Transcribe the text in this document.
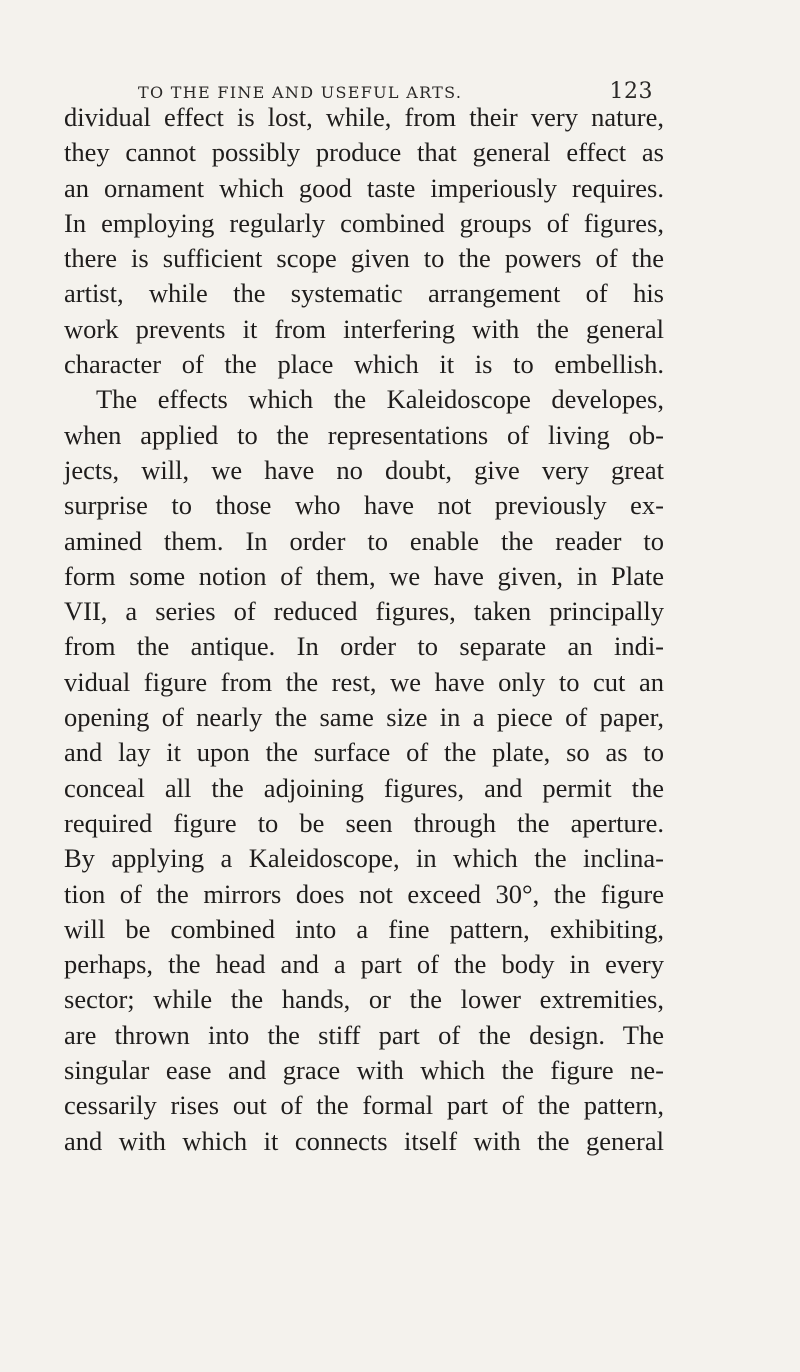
TO THE FINE AND USEFUL ARTS.	123
dividual effect is lost, while, from their very nature,
they cannot possibly produce that general effect as
an ornament which good taste imperiously requires.
In employing regularly combined groups of figures,
there is sufficient scope given to the powers of the
artist, while the systematic arrangement of his
work prevents it from interfering with the general
character of the place which it is to embellish.
The effects which the Kaleidoscope developes,
when applied to the representations of living ob-
jects, will, we have no doubt, give very great
surprise to those who have not previously ex-
amined them. In order to enable the reader to
form some notion of them, we have given, in Plate
VII, a series of reduced figures, taken principally
from the antique. In order to separate an indi-
vidual figure from the rest, we have only to cut an
opening of nearly the same size in a piece of paper,
and lay it upon the surface of the plate, so as to
conceal all the adjoining figures, and permit the
required figure to be seen through the aperture.
By applying a Kaleidoscope, in which the inclina-
tion of the mirrors does not exceed 30°, the figure
will be combined into a fine pattern, exhibiting,
perhaps, the head and a part of the body in every
sector; while the hands, or the lower extremities,
are thrown into the stiff part of the design. The
singular ease and grace with which the figure ne-
cessarily rises out of the formal part of the pattern,
and with which it connects itself with the general
